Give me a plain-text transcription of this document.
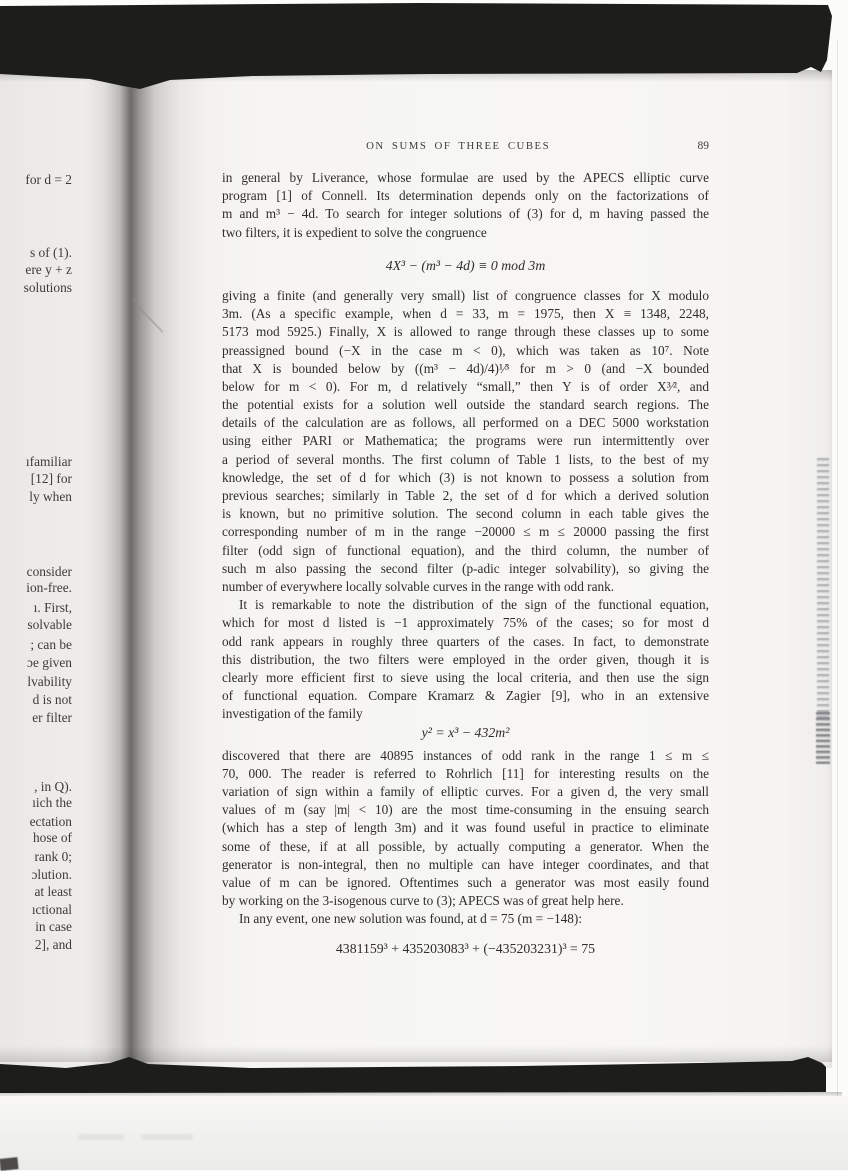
for d = 2
s of (1).
ere y + z
solutions
ıfamiliar
[12] for
ly when
consider
ion-free.
ı. First,
solvable
; can be
ɔe given
lvability
d is not
er filter
, in Q).
ıich the
ectation
hose of
rank 0;
ɔlution.
at least
ıctional
in case
2], and
ON SUMS OF THREE CUBES	89
in general by Liverance, whose formulae are used by the APECS elliptic curve
program [1] of Connell. Its determination depends only on the factorizations of
m and m³ − 4d. To search for integer solutions of (3) for d, m having passed the
two filters, it is expedient to solve the congruence
4X³ − (m³ − 4d) ≡ 0 mod 3m
giving a finite (and generally very small) list of congruence classes for X modulo
3m. (As a specific example, when d = 33, m = 1975, then X ≡ 1348, 2248,
5173 mod 5925.) Finally, X is allowed to range through these classes up to some
preassigned bound (−X in the case m < 0), which was taken as 10⁷. Note
that X is bounded below by ((m³ − 4d)/4)¹⁄³ for m > 0 (and −X bounded
below for m < 0). For m, d relatively “small,” then Y is of order X³⁄², and
the potential exists for a solution well outside the standard search regions. The
details of the calculation are as follows, all performed on a DEC 5000 workstation
using either PARI or Mathematica; the programs were run intermittently over
a period of several months. The first column of Table 1 lists, to the best of my
knowledge, the set of d for which (3) is not known to possess a solution from
previous searches; similarly in Table 2, the set of d for which a derived solution
is known, but no primitive solution. The second column in each table gives the
corresponding number of m in the range −20000 ≤ m ≤ 20000 passing the first
filter (odd sign of functional equation), and the third column, the number of
such m also passing the second filter (p-adic integer solvability), so giving the
number of everywhere locally solvable curves in the range with odd rank.
It is remarkable to note the distribution of the sign of the functional equation,
which for most d listed is −1 approximately 75% of the cases; so for most d
odd rank appears in roughly three quarters of the cases. In fact, to demonstrate
this distribution, the two filters were employed in the order given, though it is
clearly more efficient first to sieve using the local criteria, and then use the sign
of functional equation. Compare Kramarz & Zagier [9], who in an extensive
investigation of the family
y² = x³ − 432m²
discovered that there are 40895 instances of odd rank in the range 1 ≤ m ≤
70, 000. The reader is referred to Rohrlich [11] for interesting results on the
variation of sign within a family of elliptic curves. For a given d, the very small
values of m (say |m| < 10) are the most time-consuming in the ensuing search
(which has a step of length 3m) and it was found useful in practice to eliminate
some of these, if at all possible, by actually computing a generator. When the
generator is non-integral, then no multiple can have integer coordinates, and that
value of m can be ignored. Oftentimes such a generator was most easily found
by working on the 3-isogenous curve to (3); APECS was of great help here.
In any event, one new solution was found, at d = 75 (m = −148):
4381159³ + 435203083³ + (−435203231)³ = 75
